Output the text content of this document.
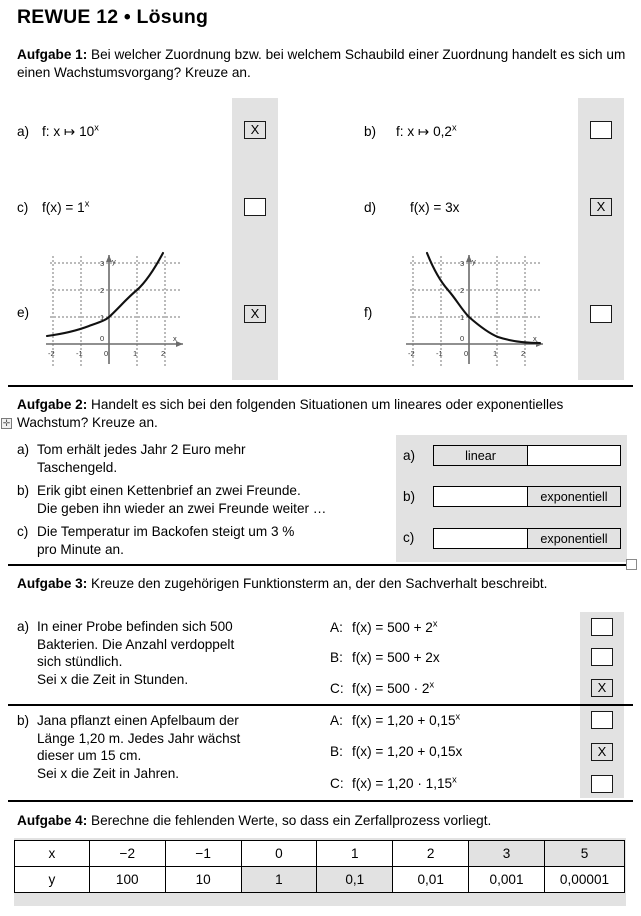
REWUE 12 • Lösung
Aufgabe 1: Bei welcher Zuordnung bzw. bei welchem Schaubild einer Zuordnung handelt es sich um einen Wachstumsvorgang? Kreuze an.
a) f: x ↦ 10$^x$	X	b) f: x ↦ 0,2$^x$
c) $f(x) = 1^x$	d) f(x) = 3x	X
e)
-2	-1	0	1	2
0
1
2
3
x
y
X	f)
-2	-1	0	1	2
0
1
2
3
x
y
Aufgabe 2: Handelt es sich bei den folgenden Situationen um lineares oder exponentielles Wachstum? Kreuze an.
✛
a) Tom erhält jedes Jahr 2 Euro mehr
Taschengeld.
a)	linear
b) Erik gibt einen Kettenbrief an zwei Freunde.
Die geben ihn wieder an zwei Freunde weiter …
b)	exponentiell
c) Die Temperatur im Backofen steigt um 3 %
pro Minute an.
c)	exponentiell
Aufgabe 3: Kreuze den zugehörigen Funktionsterm an, der den Sachverhalt beschreibt.
a) In einer Probe befinden sich 500
Bakterien. Die Anzahl verdoppelt
sich stündlich.
Sei x die Zeit in Stunden.
A: $f(x) = 500 + 2^x$
B: f(x) = 500 + 2x
C: $f(x) = 500 \cdot 2^x$	X
b) Jana pflanzt einen Apfelbaum der
Länge 1,20 m. Jedes Jahr wächst
dieser um 15 cm.
Sei x die Zeit in Jahren.
A: $f(x) = 1,20 + 0,15^x$
B: f(x) = 1,20 + 0,15x	X
C: $f(x) = 1,20 \cdot 1,15^x$
Aufgabe 4: Berechne die fehlenden Werte, so dass ein Zerfallprozess vorliegt.
x	−2	−1	0	1	2	3	5
y	100	10	1	0,1	0,01	0,001	0,00001
